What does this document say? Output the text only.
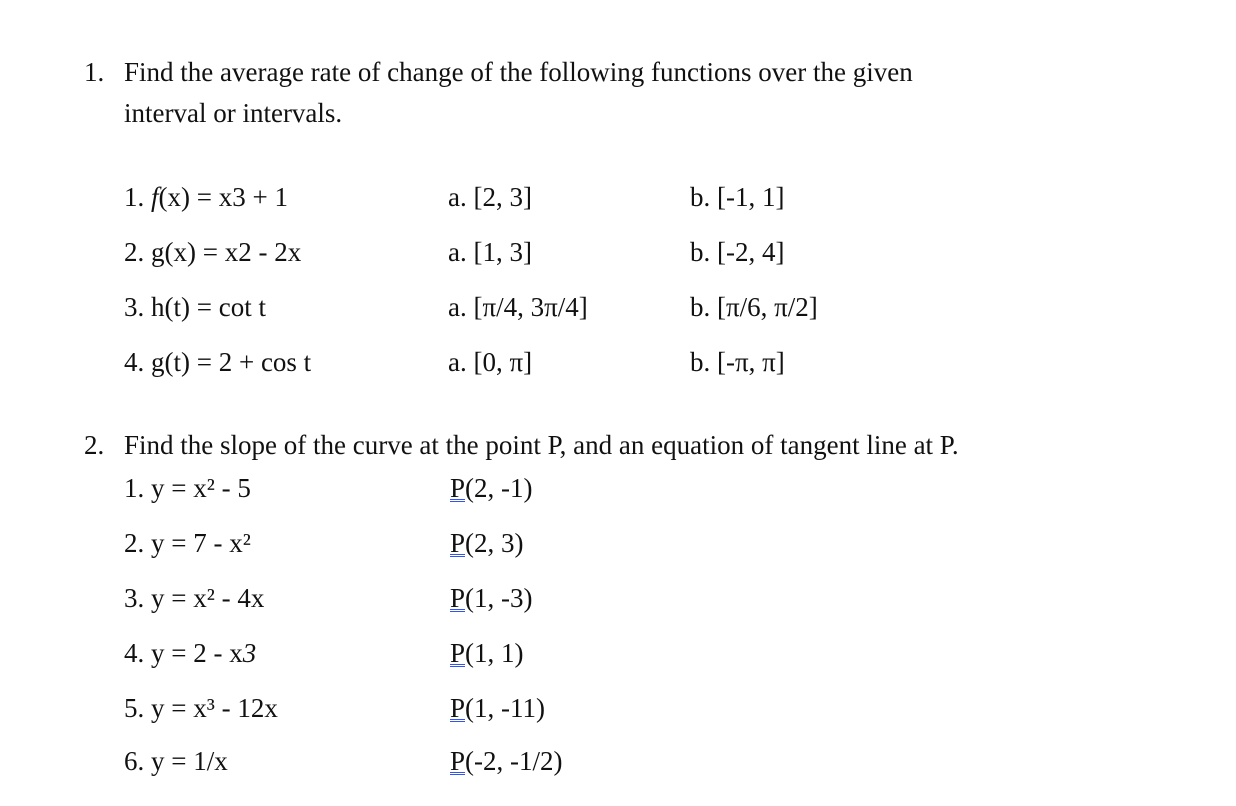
1. Find the average rate of change of the following functions over the given
interval or intervals.
1. f(x) = x3 + 1	a. [2, 3]	b. [-1, 1]
2. g(x) = x2 - 2x	a. [1, 3]	b. [-2, 4]
3. h(t) = cot t	a. [π/4, 3π/4]	b. [π/6, π/2]
4. g(t) = 2 + cos t	a. [0, π]	b. [-π, π]
2. Find the slope of the curve at the point P, and an equation of tangent line at P.
1. y = x² - 5	P(2, -1)
2. y = 7 - x²	P(2, 3)
3. y = x² - 4x	P(1, -3)
4. y = 2 - x3	P(1, 1)
5. y = x³ - 12x	P(1, -11)
6. y = 1/x	P(-2, -1/2)
